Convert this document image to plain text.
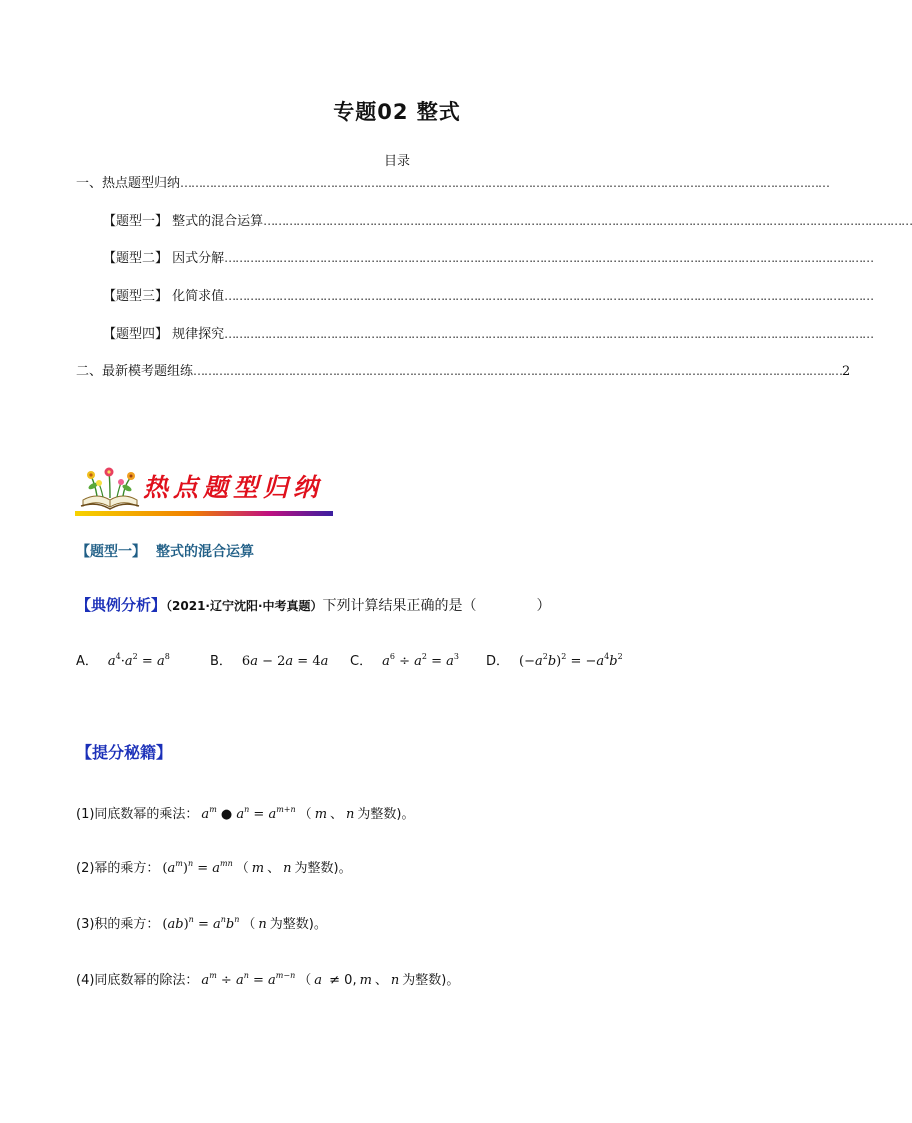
专题02 整式
目录
一、热点题型归纳 ……………………………………………………………………………………………………………………………………………………………
【题型一】 整式的混合运算 ……………………………………………………………………………………………………………………………………………………………
【题型二】 因式分解 ……………………………………………………………………………………………………………………………………………………………
【题型三】 化简求值 ……………………………………………………………………………………………………………………………………………………………
【题型四】 规律探究 ……………………………………………………………………………………………………………………………………………………………
二、最新模考题组练 …………………………………………………………………………………………………………………………………………………………… 2
热点题型归纳
【题型一】 整式的混合运算
【典例分析】（2021·辽宁沈阳·中考真题）下列计算结果正确的是（	）
A． $a^4\cdot a^2 = a^8$	B． 6a − 2a = 4a C． $a^6 \div a^2 = a^3$ D． $(-a^2b)^2 = -a^4b^2$
【提分秘籍】
(1)同底数幂的乘法： $a^m$ ● $a^n = a^{m+n}$ （ m 、 n 为整数)。
(2)幂的乘方： $(a^m)^n = a^{mn}$ （ m 、 n 为整数)。
(3)积的乘方： $(ab)^n = a^nb^n$ （ n 为整数)。
(4)同底数幂的除法： $a^m \div a^n = a^{m-n}$ （ a ≠ 0, m 、 n 为整数)。
